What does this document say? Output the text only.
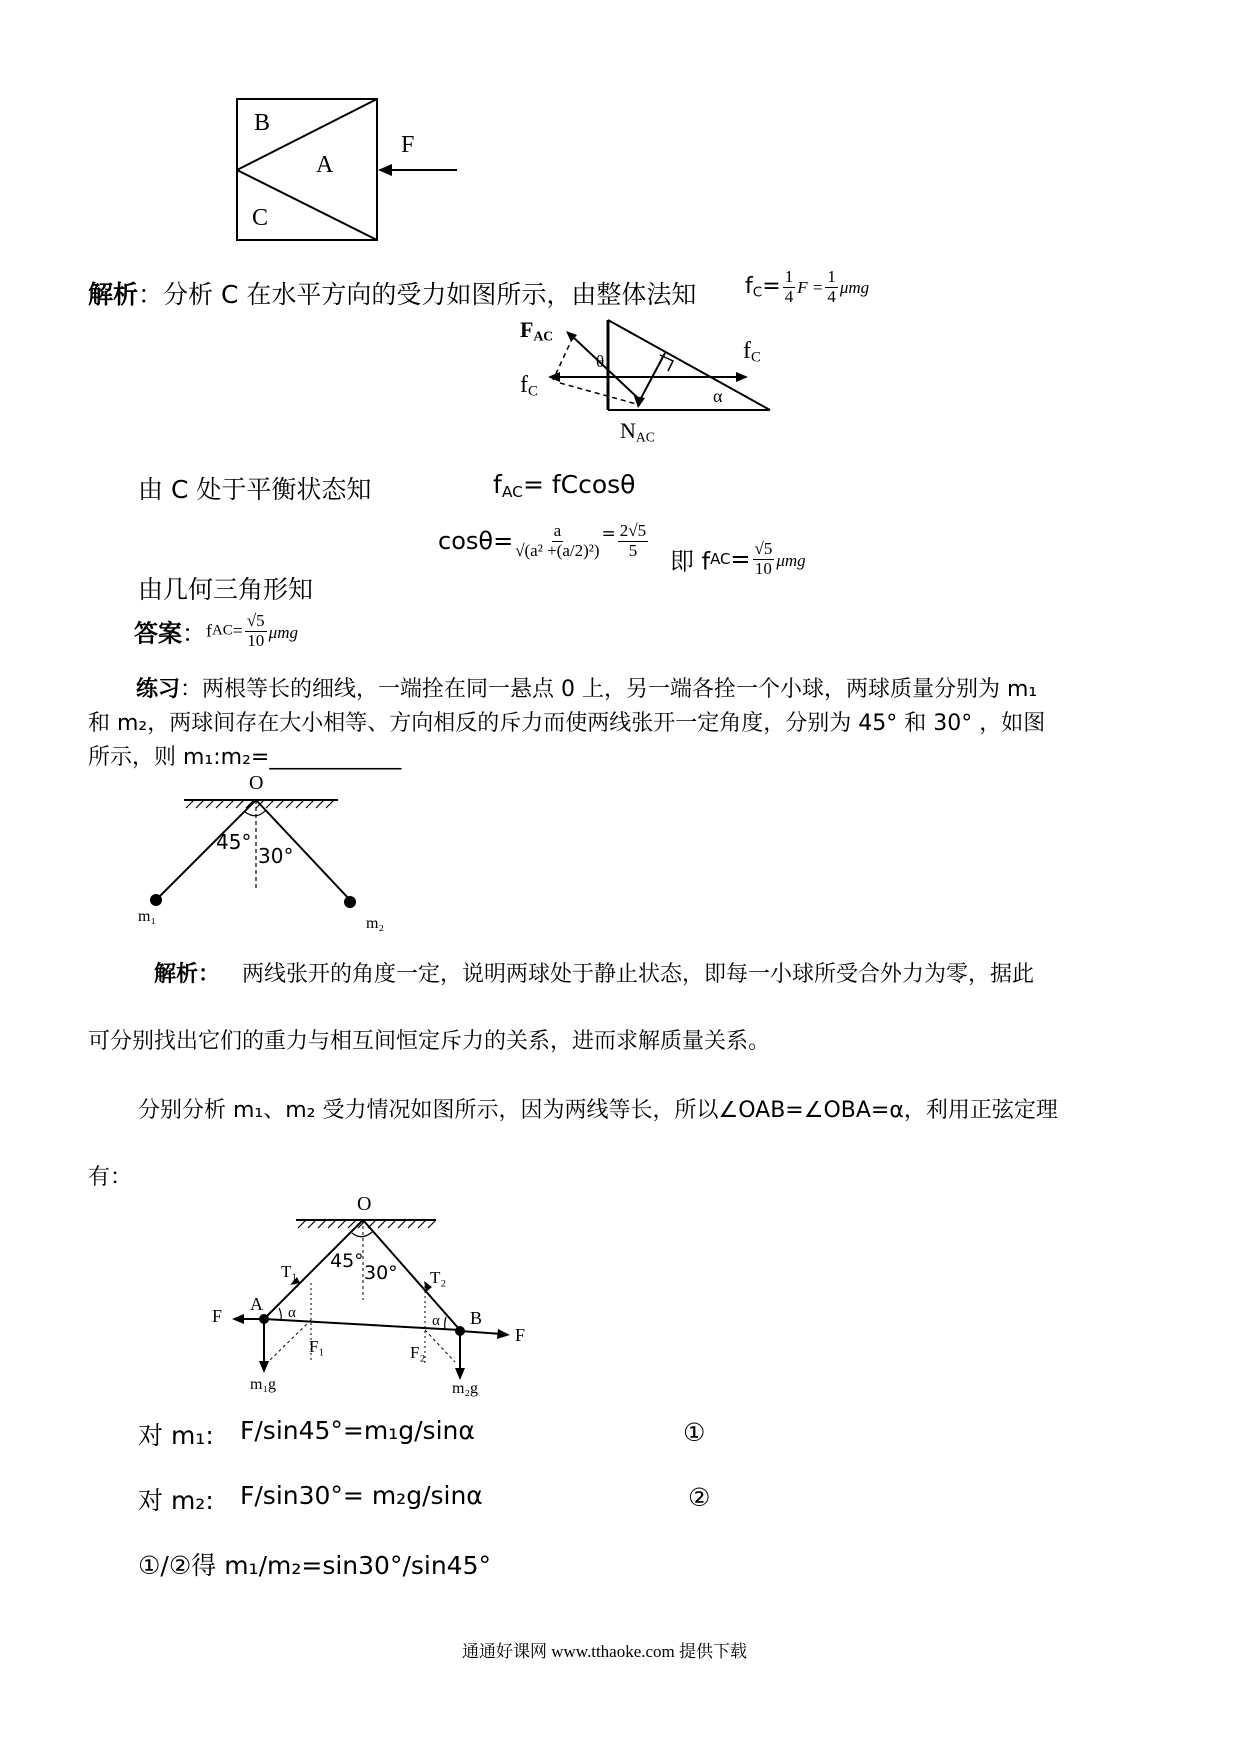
B
A
C
F
解析：分析 C 在水平方向的受力如图所示，由整体法知 $f_C= \frac{1}{4}$ $F = \frac{1}{4}$ μmg
$F_{AC}$
$f_C$
$f_C$
θ
α
$N_{AC}$
由 C 处于平衡状态知	$f_{AC}= fCcos\theta$
由几何三角形知
$\cos\theta= \frac{a}{\text{√(a² +(a/2)²)}} ^= \frac{2√5}{5}$
即 $fAC= \frac{√5}{10}$ μmg
答案：$fAC= \frac{√5}{10}$ μmg
练习：两根等长的细线，一端拴在同一悬点 0 上，另一端各拴一个小球，两球质量分别为 m₁
和 m₂，两球间存在大小相等、方向相反的斥力而使两线张开一定角度，分别为 45° 和 30° ，如图
所示，则 m₁:m₂=____________
O
45°
30°
m₁	m₂
解析： 两线张开的角度一定，说明两球处于静止状态，即每一小球所受合外力为零，据此
可分别找出它们的重力与相互间恒定斥力的关系，进而求解质量关系。
分别分析 m₁、m₂ 受力情况如图所示，因为两线等长，所以∠OAB=∠OBA=α，利用正弦定理
有：
O
45°
30°
T₁	T₂
A
B
F
F
F₁	F₂
α	α
m₁g	m₂g
对 m₁: F/sin45°=m₁g/sinα	①
对 m₂: F/sin30°= m₂g/sinα	②
①/②得 m₁/m₂=sin30°/sin45°
通通好课网 www.tthaoke.com 提供下载
